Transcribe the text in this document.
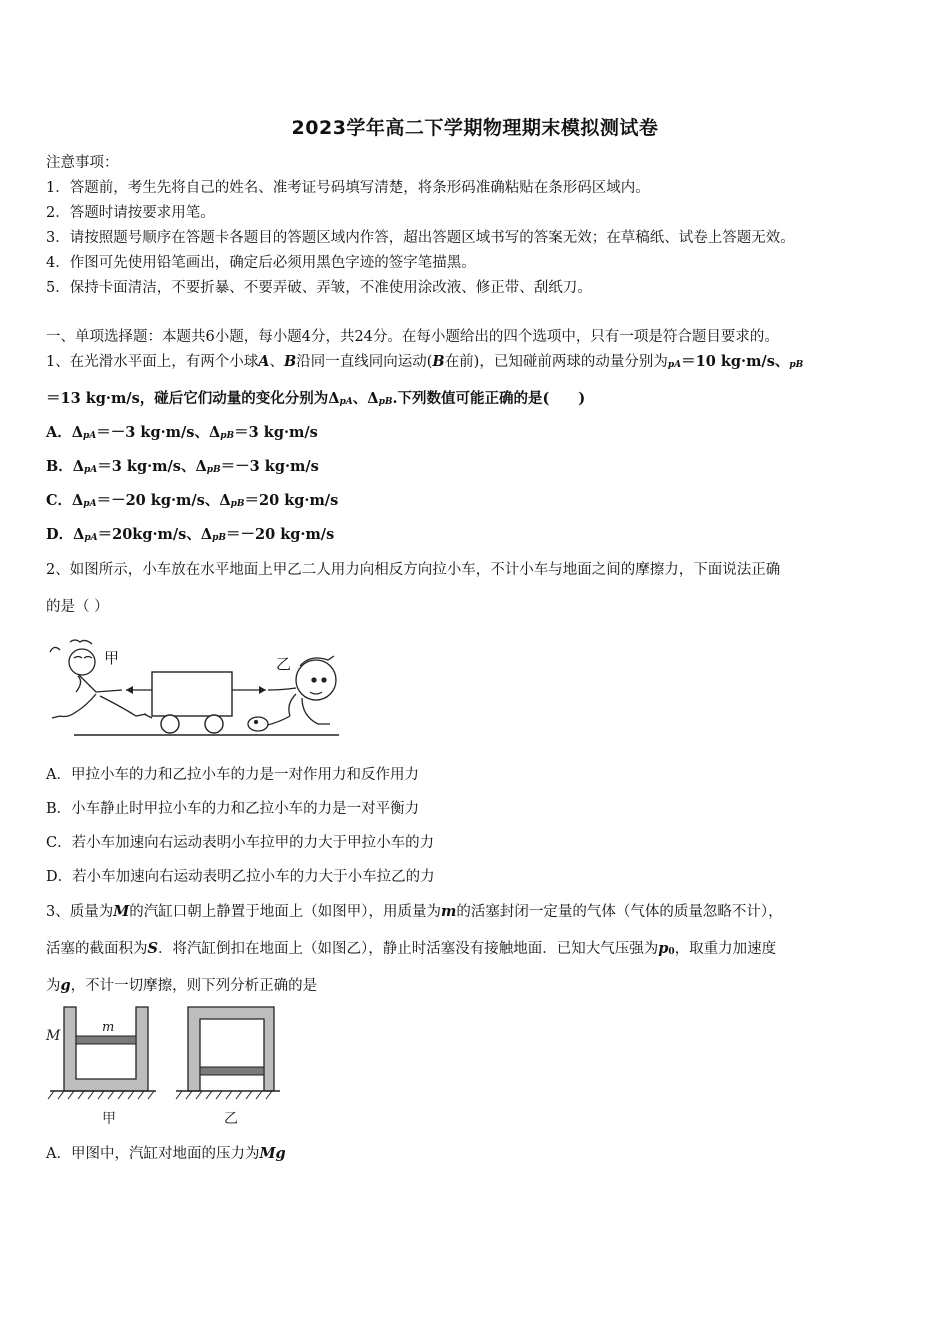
2023学年高二下学期物理期末模拟测试卷
注意事项：
1．答题前，考生先将自己的姓名、准考证号码填写清楚，将条形码准确粘贴在条形码区域内。
2．答题时请按要求用笔。
3．请按照题号顺序在答题卡各题目的答题区域内作答，超出答题区域书写的答案无效；在草稿纸、试卷上答题无效。
4．作图可先使用铅笔画出，确定后必须用黑色字迹的签字笔描黑。
5．保持卡面清洁，不要折暴、不要弄破、弄皱，不准使用涂改液、修正带、刮纸刀。
一、单项选择题：本题共6小题，每小题4分，共24分。在每小题给出的四个选项中，只有一项是符合题目要求的。
1、在光滑水平面上，有两个小球A、B沿同一直线同向运动(B在前)，已知碰前两球的动量分别为pA＝10 kg·m/s、pB
＝13 kg·m/s，碰后它们动量的变化分别为ΔpA、ΔpB.下列数值可能正确的是(　　)
A．ΔpA＝－3 kg·m/s、ΔpB＝3 kg·m/s
B．ΔpA＝3 kg·m/s、ΔpB＝－3 kg·m/s
C．ΔpA＝－20 kg·m/s、ΔpB＝20 kg·m/s
D．ΔpA＝20kg·m/s、ΔpB＝－20 kg·m/s
2、如图所示，小车放在水平地面上甲乙二人用力向相反方向拉小车，不计小车与地面之间的摩擦力，下面说法正确
的是（ ）
甲	乙
A．甲拉小车的力和乙拉小车的力是一对作用力和反作用力
B．小车静止时甲拉小车的力和乙拉小车的力是一对平衡力
C．若小车加速向右运动表明小车拉甲的力大于甲拉小车的力
D．若小车加速向右运动表明乙拉小车的力大于小车拉乙的力
3、质量为M的汽缸口朝上静置于地面上（如图甲），用质量为m的活塞封闭一定量的气体（气体的质量忽略不计），
活塞的截面积为S．将汽缸倒扣在地面上（如图乙），静止时活塞没有接触地面．已知大气压强为p0，取重力加速度
为g，不计一切摩擦，则下列分析正确的是
M
m
甲	乙
A．甲图中，汽缸对地面的压力为Mg
